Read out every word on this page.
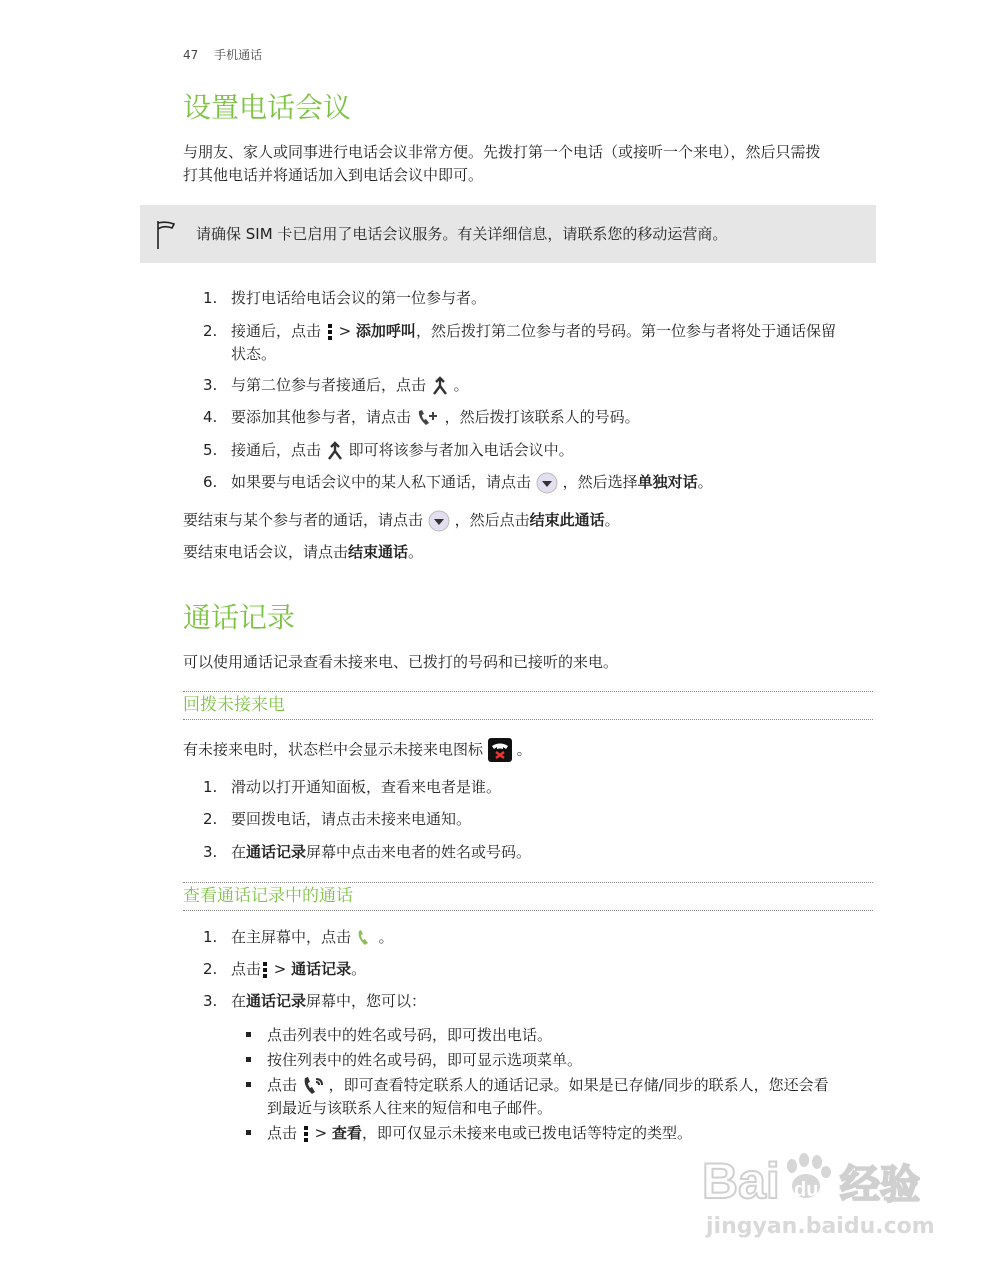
47 手机通话
设置电话会议
与朋友、家人或同事进行电话会议非常方便。先拨打第一个电话（或接听一个来电），然后只需拨
打其他电话并将通话加入到电话会议中即可。
请确保 SIM 卡已启用了电话会议服务。有关详细信息，请联系您的移动运营商。
1. 拨打电话给电话会议的第一位参与者。
2. 接通后，点击 > 添加呼叫，然后拨打第二位参与者的号码。第一位参与者将处于通话保留
状态。
3. 与第二位参与者接通后，点击 。
4. 要添加其他参与者，请点击 ，然后拨打该联系人的号码。
5. 接通后，点击 即可将该参与者加入电话会议中。
6. 如果要与电话会议中的某人私下通话，请点击 ，然后选择单独对话。
要结束与某个参与者的通话，请点击 ，然后点击结束此通话。
要结束电话会议，请点击结束通话。
通话记录
可以使用通话记录查看未接来电、已拨打的号码和已接听的来电。
回拨未接来电
有未接来电时，状态栏中会显示未接来电图标 。
1. 滑动以打开通知面板，查看来电者是谁。
2. 要回拨电话，请点击未接来电通知。
3. 在通话记录屏幕中点击来电者的姓名或号码。
查看通话记录中的通话
1. 在主屏幕中，点击 。
2. 点击 > 通话记录。
3. 在通话记录屏幕中，您可以：
点击列表中的姓名或号码，即可拨出电话。
按住列表中的姓名或号码，即可显示选项菜单。
点击 ，即可查看特定联系人的通话记录。如果是已存储/同步的联系人，您还会看
到最近与该联系人往来的短信和电子邮件。
点击 > 查看，即可仅显示未接来电或已拨电话等特定的类型。
Bai du 经验
jingyan.baidu.com
